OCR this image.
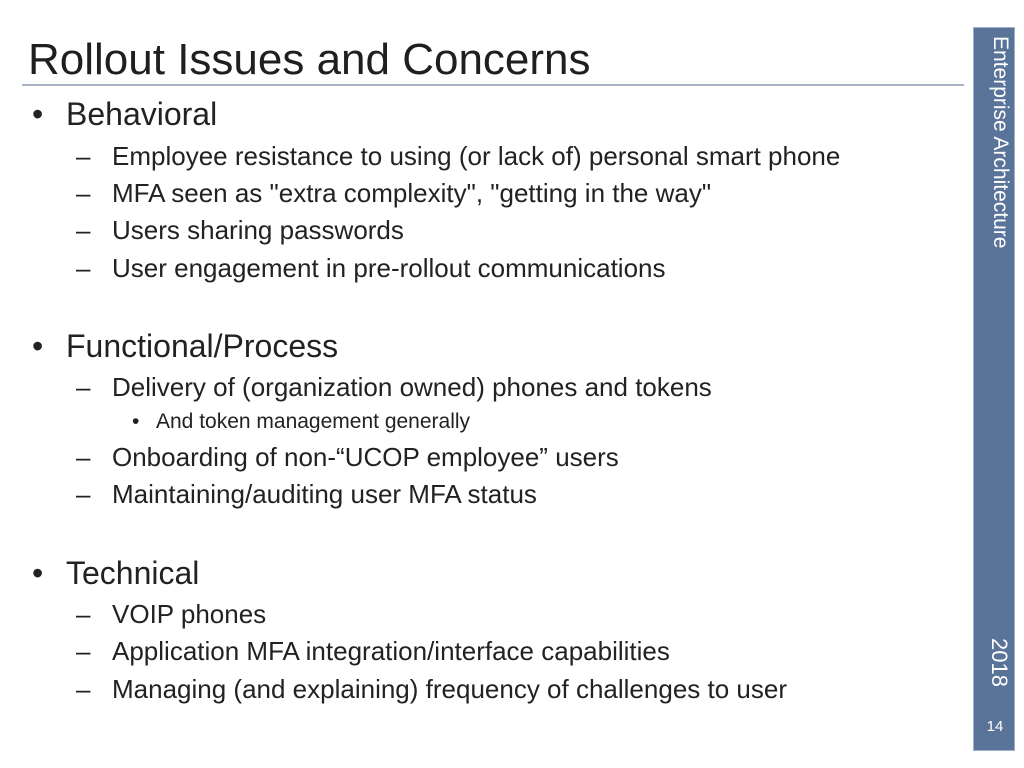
Rollout Issues and Concerns
• Behavioral
– Employee resistance to using (or lack of) personal smart phone
– MFA seen as "extra complexity", "getting in the way"
– Users sharing passwords
– User engagement in pre-rollout communications
• Functional/Process
– Delivery of (organization owned) phones and tokens
• And token management generally
– Onboarding of non-“UCOP employee” users
– Maintaining/auditing user MFA status
• Technical
– VOIP phones
– Application MFA integration/interface capabilities
– Managing (and explaining) frequency of challenges to user
Enterprise Architecture
2018
14
